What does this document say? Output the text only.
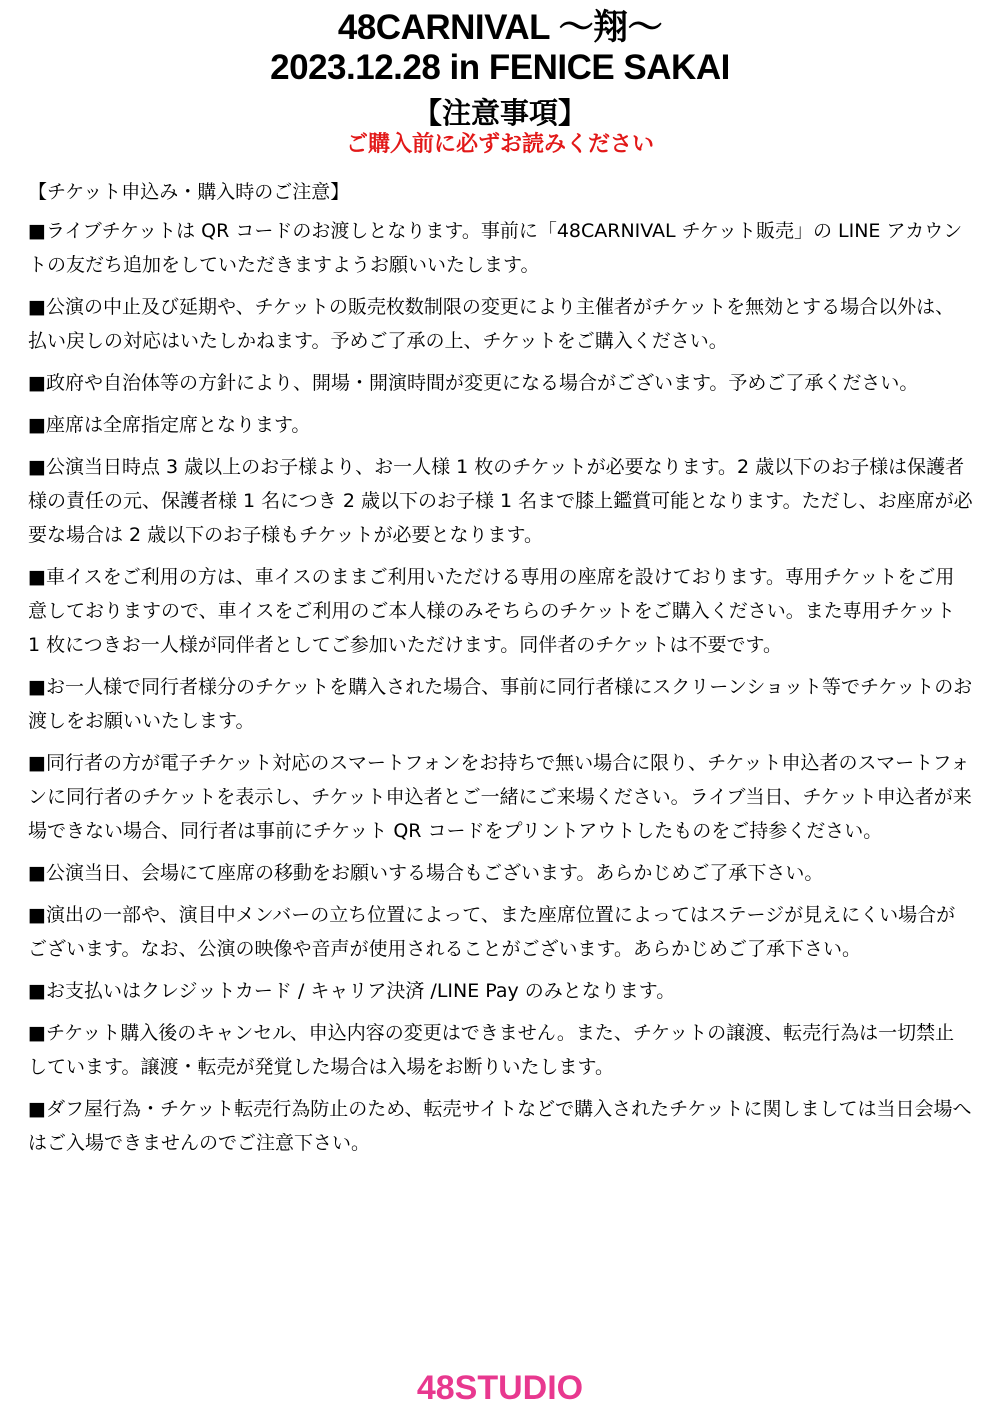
48CARNIVAL 〜翔〜
2023.12.28 in FENICE SAKAI
【注意事項】
ご購入前に必ずお読みください
【チケット申込み・購入時のご注意】

■ライブチケットは QR コードのお渡しとなります。事前に「48CARNIVAL チケット販売」の LINE アカウントの友だち追加をしていただきますようお願いいたします。

■公演の中止及び延期や、チケットの販売枚数制限の変更により主催者がチケットを無効とする場合以外は、払い戻しの対応はいたしかねます。予めご了承の上、チケットをご購入ください。

■政府や自治体等の方針により、開場・開演時間が変更になる場合がございます。予めご了承ください。

■座席は全席指定席となります。

■公演当日時点 3 歳以上のお子様より、お一人様 1 枚のチケットが必要なります。2 歳以下のお子様は保護者様の責任の元、保護者様 1 名につき 2 歳以下のお子様 1 名まで膝上鑑賞可能となります。ただし、お座席が必要な場合は 2 歳以下のお子様もチケットが必要となります。

■車イスをご利用の方は、車イスのままご利用いただける専用の座席を設けております。専用チケットをご用意しておりますので、車イスをご利用のご本人様のみそちらのチケットをご購入ください。また専用チケット 1 枚につきお一人様が同伴者としてご参加いただけます。同伴者のチケットは不要です。

■お一人様で同行者様分のチケットを購入された場合、事前に同行者様にスクリーンショット等でチケットのお渡しをお願いいたします。

■同行者の方が電子チケット対応のスマートフォンをお持ちで無い場合に限り、チケット申込者のスマートフォンに同行者のチケットを表示し、チケット申込者とご一緒にご来場ください。ライブ当日、チケット申込者が来場できない場合、同行者は事前にチケット QR コードをプリントアウトしたものをご持参ください。

■公演当日、会場にて座席の移動をお願いする場合もございます。あらかじめご了承下さい。

■演出の一部や、演目中メンバーの立ち位置によって、また座席位置によってはステージが見えにくい場合がございます。なお、公演の映像や音声が使用されることがございます。あらかじめご了承下さい。

■お支払いはクレジットカード / キャリア決済 /LINE Pay のみとなります。

■チケット購入後のキャンセル、申込内容の変更はできません。また、チケットの譲渡、転売行為は一切禁止しています。譲渡・転売が発覚した場合は入場をお断りいたします。

■ダフ屋行為・チケット転売行為防止のため、転売サイトなどで購入されたチケットに関しましては当日会場へはご入場できませんのでご注意下さい。

48STUDIO
